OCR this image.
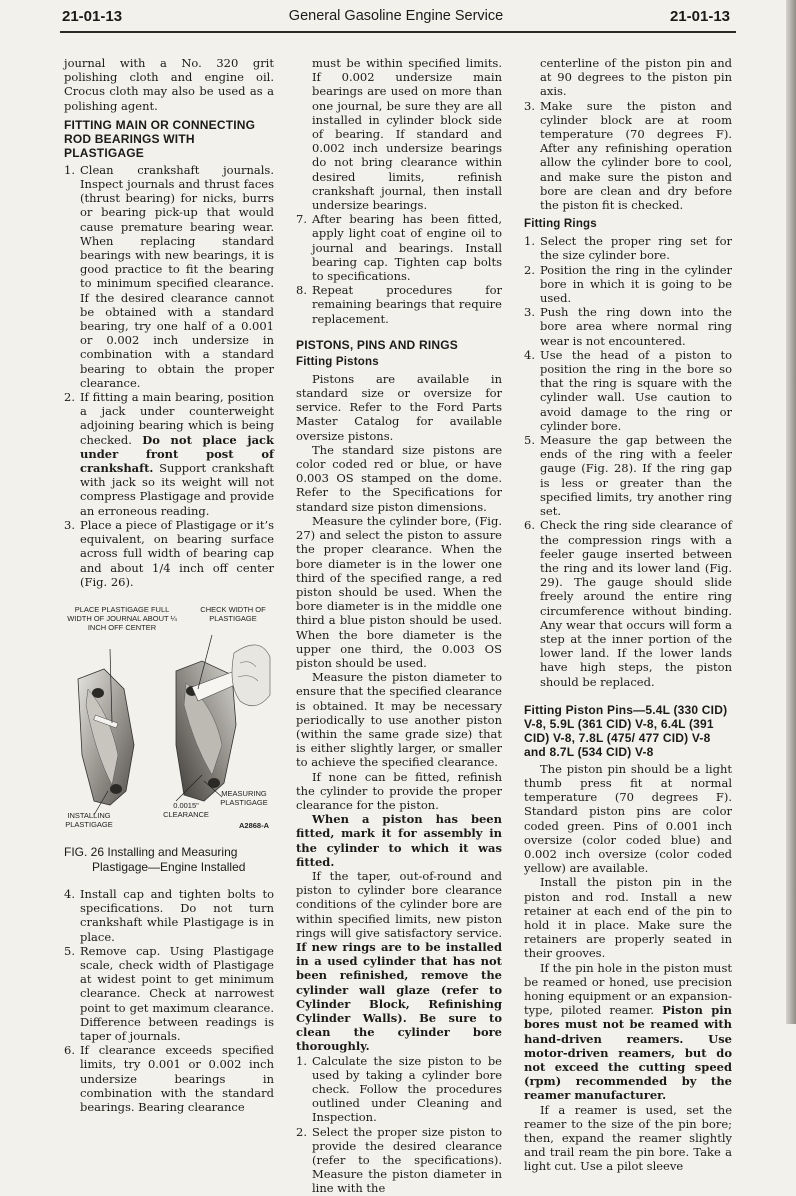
21-01-13	General Gasoline Engine Service	21-01-13

journal with a No. 320 grit polishing cloth and engine oil. Crocus cloth may also be used as a polishing agent.

FITTING MAIN OR CONNECTING ROD BEARINGS WITH PLASTIGAGE
1. Clean crankshaft journals. Inspect journals and thrust faces (thrust bearing) for nicks, burrs or bearing pick-up that would cause premature bearing wear. When replacing standard bearings with new bearings, it is good practice to fit the bearing to minimum specified clearance. If the desired clearance cannot be obtained with a standard bearing, try one half of a 0.001 or 0.002 inch undersize in combination with a standard bearing to obtain the proper clearance.
2. If fitting a main bearing, position a jack under counterweight adjoining bearing which is being checked. Do not place jack under front post of crankshaft. Support crankshaft with jack so its weight will not compress Plastigage and provide an erroneous reading.
3. Place a piece of Plastigage or it’s equivalent, on bearing surface across full width of bearing cap and about 1/4 inch off center (Fig. 26).
PLACE PLASTIGAGE FULL WIDTH OF JOURNAL ABOUT ¼ INCH OFF CENTER
CHECK WIDTH OF PLASTIGAGE
MEASURING PLASTIGAGE
0.0015" CLEARANCE
INSTALLING PLASTIGAGE	A2868-A
FIG. 26 Installing and Measuring Plastigage—Engine Installed
4. Install cap and tighten bolts to specifications. Do not turn crankshaft while Plastigage is in place.
5. Remove cap. Using Plastigage scale, check width of Plastigage at widest point to get minimum clearance. Check at narrowest point to get maximum clearance. Difference between readings is taper of journals.
6. If clearance exceeds specified limits, try 0.001 or 0.002 inch undersize bearings in combination with the standard bearings. Bearing clearance

must be within specified limits. If 0.002 undersize main bearings are used on more than one journal, be sure they are all installed in cylinder block side of bearing. If standard and 0.002 inch undersize bearings do not bring clearance within desired limits, refinish crankshaft journal, then install undersize bearings.

7. After bearing has been fitted, apply light coat of engine oil to journal and bearings. Install bearing cap. Tighten cap bolts to specifications.
8. Repeat procedures for remaining bearings that require replacement.
PISTONS, PINS AND RINGS
Fitting Pistons

Pistons are available in standard size or oversize for service. Refer to the Ford Parts Master Catalog for available oversize pistons.

The standard size pistons are color coded red or blue, or have 0.003 OS stamped on the dome. Refer to the Specifications for standard size piston dimensions.

Measure the cylinder bore, (Fig. 27) and select the piston to assure the proper clearance. When the bore diameter is in the lower one third of the specified range, a red piston should be used. When the bore diameter is in the middle one third a blue piston should be used. When the bore diameter is the upper one third, the 0.003 OS piston should be used.

Measure the piston diameter to ensure that the specified clearance is obtained. It may be necessary periodically to use another piston (within the same grade size) that is either slightly larger, or smaller to achieve the specified clearance.

If none can be fitted, refinish the cylinder to provide the proper clearance for the piston.

When a piston has been fitted, mark it for assembly in the cylinder to which it was fitted.

If the taper, out-of-round and piston to cylinder bore clearance conditions of the cylinder bore are within specified limits, new piston rings will give satisfactory service. If new rings are to be installed in a used cylinder that has not been refinished, remove the cylinder wall glaze (refer to Cylinder Block, Refinishing Cylinder Walls). Be sure to clean the cylinder bore thoroughly.

1. Calculate the size piston to be used by taking a cylinder bore check. Follow the procedures outlined under Cleaning and Inspection.
2. Select the proper size piston to provide the desired clearance (refer to the specifications). Measure the piston diameter in line with the

centerline of the piston pin and at 90 degrees to the piston pin axis.

3. Make sure the piston and cylinder block are at room temperature (70 degrees F). After any refinishing operation allow the cylinder bore to cool, and make sure the piston and bore are clean and dry before the piston fit is checked.
Fitting Rings
1. Select the proper ring set for the size cylinder bore.
2. Position the ring in the cylinder bore in which it is going to be used.
3. Push the ring down into the bore area where normal ring wear is not encountered.
4. Use the head of a piston to position the ring in the bore so that the ring is square with the cylinder wall. Use caution to avoid damage to the ring or cylinder bore.
5. Measure the gap between the ends of the ring with a feeler gauge (Fig. 28). If the ring gap is less or greater than the specified limits, try another ring set.
6. Check the ring side clearance of the compression rings with a feeler gauge inserted between the ring and its lower land (Fig. 29). The gauge should slide freely around the entire ring circumference without binding. Any wear that occurs will form a step at the inner portion of the lower land. If the lower lands have high steps, the piston should be replaced.
Fitting Piston Pins—5.4L (330 CID) V-8, 5.9L (361 CID) V-8, 6.4L (391 CID) V-8, 7.8L (475/ 477 CID) V-8 and 8.7L (534 CID) V-8

The piston pin should be a light thumb press fit at normal temperature (70 degrees F). Standard piston pins are color coded green. Pins of 0.001 inch oversize (color coded blue) and 0.002 inch oversize (color coded yellow) are available.

Install the piston pin in the piston and rod. Install a new retainer at each end of the pin to hold it in place. Make sure the retainers are properly seated in their grooves.

If the pin hole in the piston must be reamed or honed, use precision honing equipment or an expansion-type, piloted reamer. Piston pin bores must not be reamed with hand-driven reamers. Use motor-driven reamers, but do not exceed the cutting speed (rpm) recommended by the reamer manufacturer.

If a reamer is used, set the reamer to the size of the pin bore; then, expand the reamer slightly and trail ream the pin bore. Take a light cut. Use a pilot sleeve
